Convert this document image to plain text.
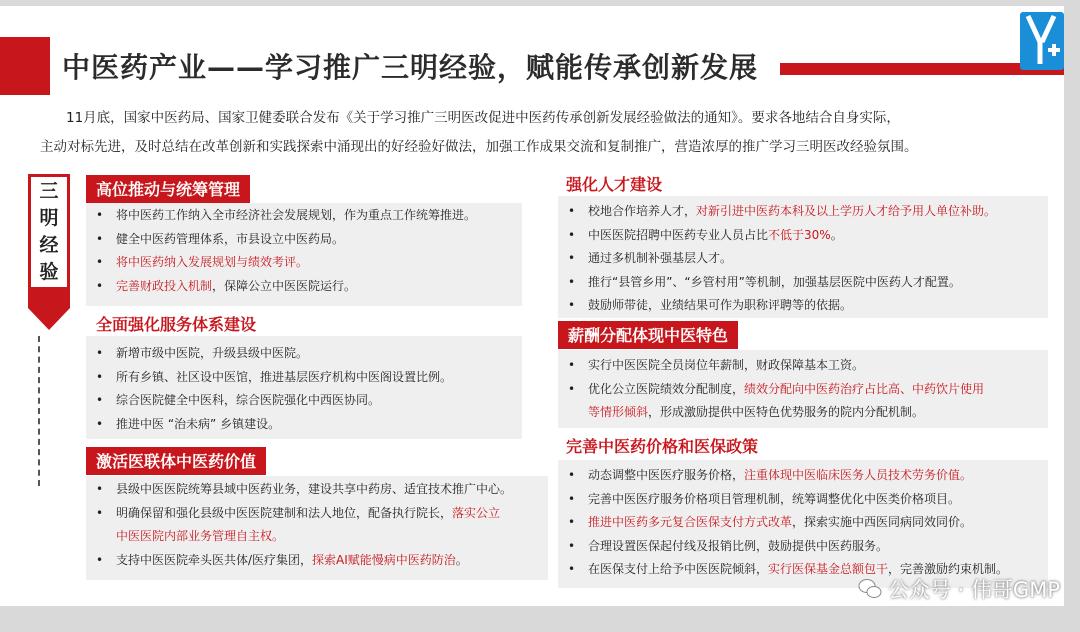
中医药产业——学习推广三明经验，赋能传承创新发展
11月底，国家中医药局、国家卫健委联合发布《关于学习推广三明医改促进中医药传承创新发展经验做法的通知》。要求各地结合自身实际，
主动对标先进，及时总结在改革创新和实践探索中涌现出的好经验好做法，加强工作成果交流和复制推广，营造浓厚的推广学习三明医改经验氛围。
三
明
经
验
高位推动与统筹管理
• 将中医药工作纳入全市经济社会发展规划，作为重点工作统筹推进。
• 健全中医药管理体系，市县设立中医药局。
• 将中医药纳入发展规划与绩效考评。
• 完善财政投入机制，保障公立中医医院运行。
全面强化服务体系建设
• 新增市级中医院，升级县级中医院。
• 所有乡镇、社区设中医馆，推进基层医疗机构中医阁设置比例。
• 综合医院健全中医科，综合医院强化中西医协同。
• 推进中医 “治未病” 乡镇建设。
激活医联体中医药价值
• 县级中医医院统筹县域中医药业务，建设共享中药房、适宜技术推广中心。
• 明确保留和强化县级中医医院建制和法人地位，配备执行院长，落实公立
中医医院内部业务管理自主权。
• 支持中医医院牵头医共体/医疗集团，探索AI赋能慢病中医药防治。
强化人才建设
• 校地合作培养人才，对新引进中医药本科及以上学历人才给予用人单位补助。
• 中医医院招聘中医药专业人员占比不低于30%。
• 通过多机制补强基层人才。
• 推行“县管乡用”、“乡管村用”等机制，加强基层医院中医药人才配置。
• 鼓励师带徒，业绩结果可作为职称评聘等的依据。
薪酬分配体现中医特色
• 实行中医医院全员岗位年薪制，财政保障基本工资。
• 优化公立医院绩效分配制度，绩效分配向中医药治疗占比高、中药饮片使用
等情形倾斜，形成激励提供中医特色优势服务的院内分配机制。
完善中医药价格和医保政策
• 动态调整中医医疗服务价格，注重体现中医临床医务人员技术劳务价值。
• 完善中医医疗服务价格项目管理机制，统筹调整优化中医类价格项目。
• 推进中医药多元复合医保支付方式改革，探索实施中西医同病同效同价。
• 合理设置医保起付线及报销比例，鼓励提供中医药服务。
• 在医保支付上给予中医医院倾斜，实行医保基金总额包干，完善激励约束机制。
公众号 · 伟哥GMP
